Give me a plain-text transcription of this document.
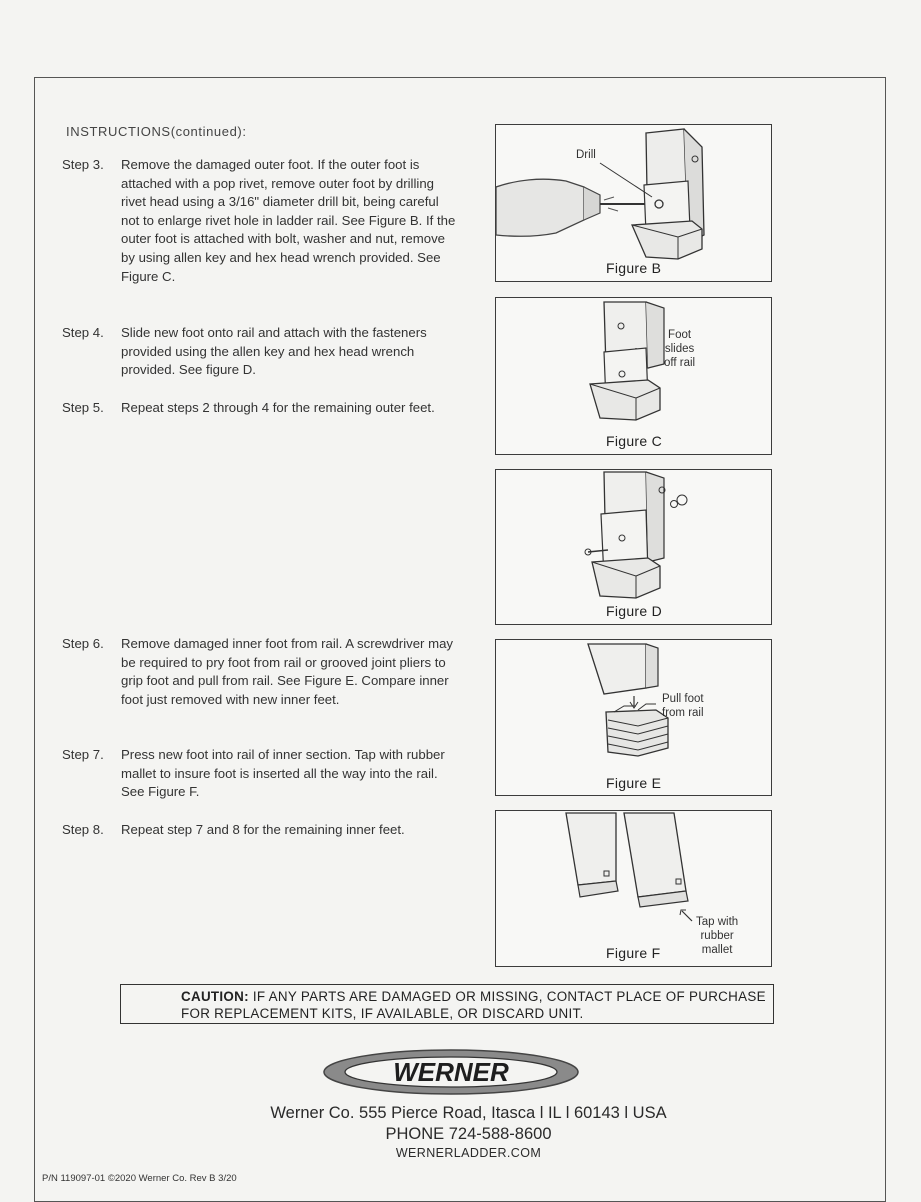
INSTRUCTIONS(continued):
Step 3. Remove the damaged outer foot. If the outer foot is attached with a pop rivet, remove outer foot by drilling rivet head using a 3/16" diameter drill bit, being careful not to enlarge rivet hole in ladder rail. See Figure B. If the outer foot is attached with bolt, washer and nut, remove by using allen key and hex head wrench provided. See Figure C.
Step 4. Slide new foot onto rail and attach with the fasteners provided using the allen key and hex head wrench provided. See figure D.
Step 5. Repeat steps 2 through 4 for the remaining outer feet.
Step 6. Remove damaged inner foot from rail. A screwdriver may be required to pry foot from rail or grooved joint pliers to grip foot and pull from rail. See Figure E. Compare inner foot just removed with new inner feet.
Step 7. Press new foot into rail of inner section. Tap with rubber mallet to insure foot is inserted all the way into the rail. See Figure F.
Step 8. Repeat step 7 and 8 for the remaining inner feet.
Drill
Figure B
Foot
slides
off rail
Figure C
Figure D
Pull foot
from rail
Figure E
Tap with
rubber
mallet
Figure F
CAUTION: IF ANY PARTS ARE DAMAGED OR MISSING, CONTACT PLACE OF PURCHASE FOR REPLACEMENT KITS, IF AVAILABLE, OR DISCARD UNIT.
WERNER
Werner Co. 555 Pierce Road, Itasca l IL l 60143 l USA
PHONE 724-588-8600
WERNERLADDER.COM
P/N 119097-01 ©2020 Werner Co. Rev B 3/20
